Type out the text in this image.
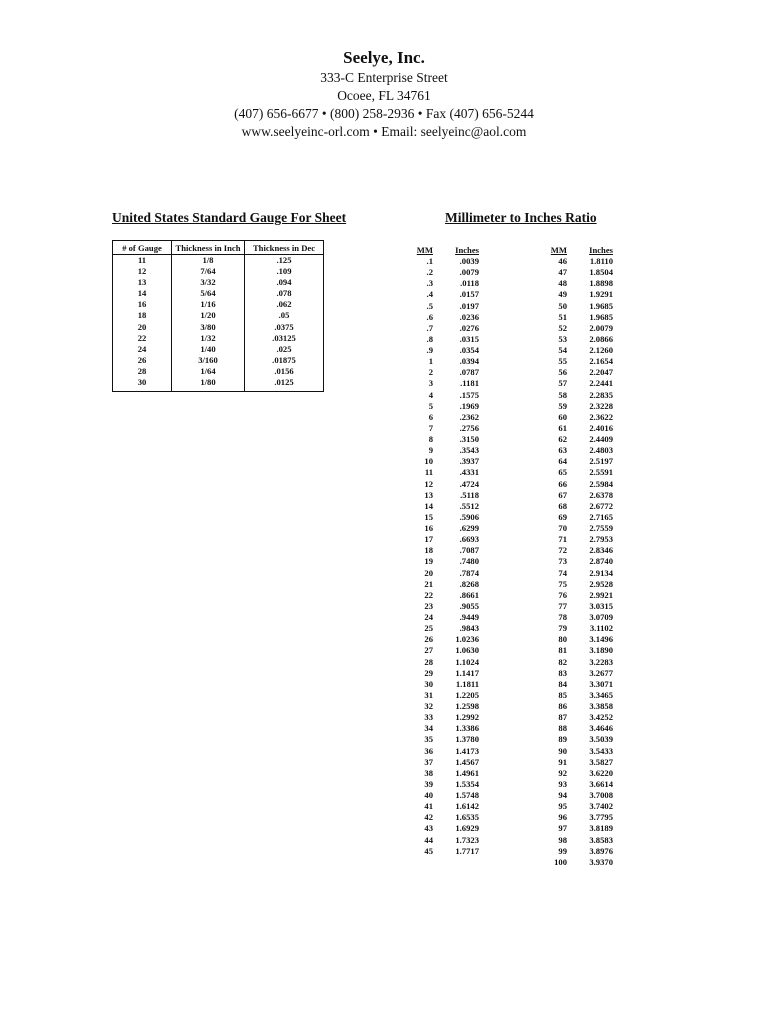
Seelye, Inc.
333-C Enterprise Street
Ocoee, FL 34761
(407) 656-6677 • (800) 258-2936 • Fax (407) 656-5244
www.seelyeinc-orl.com • Email: seelyeinc@aol.com
United States Standard Gauge For Sheet	Millimeter to Inches Ratio
# of Gauge	Thickness in Inch	Thickness in Dec
11	1/8	.125
12	7/64	.109
13	3/32	.094
14	5/64	.078
16	1/16	.062
18	1/20	.05
20	3/80	.0375
22	1/32	.03125
24	1/40	.025
26	3/160	.01875
28	1/64	.0156
30	1/80	.0125
MM	Inches
.1	.0039
.2	.0079
.3	.0118
.4	.0157
.5	.0197
.6	.0236
.7	.0276
.8	.0315
.9	.0354
1	.0394
2	.0787
3	.1181
4	.1575
5	.1969
6	.2362
7	.2756
8	.3150
9	.3543
10	.3937
11	.4331
12	.4724
13	.5118
14	.5512
15	.5906
16	.6299
17	.6693
18	.7087
19	.7480
20	.7874
21	.8268
22	.8661
23	.9055
24	.9449
25	.9843
26	1.0236
27	1.0630
28	1.1024
29	1.1417
30	1.1811
31	1.2205
32	1.2598
33	1.2992
34	1.3386
35	1.3780
36	1.4173
37	1.4567
38	1.4961
39	1.5354
40	1.5748
41	1.6142
42	1.6535
43	1.6929
44	1.7323
45	1.7717
MM	Inches
46	1.8110
47	1.8504
48	1.8898
49	1.9291
50	1.9685
51	1.9685
52	2.0079
53	2.0866
54	2.1260
55	2.1654
56	2.2047
57	2.2441
58	2.2835
59	2.3228
60	2.3622
61	2.4016
62	2.4409
63	2.4803
64	2.5197
65	2.5591
66	2.5984
67	2.6378
68	2.6772
69	2.7165
70	2.7559
71	2.7953
72	2.8346
73	2.8740
74	2.9134
75	2.9528
76	2.9921
77	3.0315
78	3.0709
79	3.1102
80	3.1496
81	3.1890
82	3.2283
83	3.2677
84	3.3071
85	3.3465
86	3.3858
87	3.4252
88	3.4646
89	3.5039
90	3.5433
91	3.5827
92	3.6220
93	3.6614
94	3.7008
95	3.7402
96	3.7795
97	3.8189
98	3.8583
99	3.8976
100	3.9370
